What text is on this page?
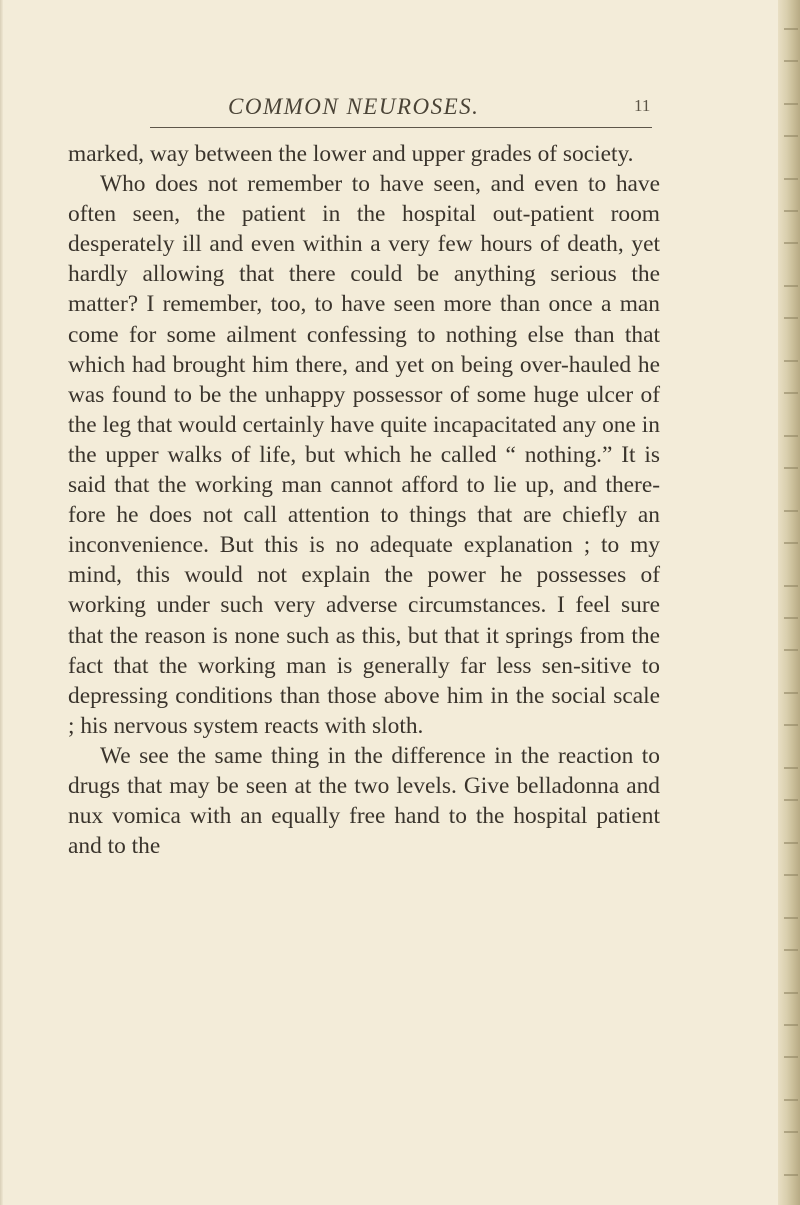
COMMON NEUROSES.	11

marked, way between the lower and upper grades of society.

Who does not remember to have seen, and even to have often seen, the patient in the hospital out-patient room desperately ill and even within a very few hours of death, yet hardly allowing that there could be anything serious the matter? I remember, too, to have seen more than once a man come for some ailment confessing to nothing else than that which had brought him there, and yet on being over-hauled he was found to be the unhappy possessor of some huge ulcer of the leg that would certainly have quite incapacitated any one in the upper walks of life, but which he called “ nothing.” It is said that the working man cannot afford to lie up, and there-fore he does not call attention to things that are chiefly an inconvenience. But this is no adequate explanation ; to my mind, this would not explain the power he possesses of working under such very adverse circumstances. I feel sure that the reason is none such as this, but that it springs from the fact that the working man is generally far less sen-sitive to depressing conditions than those above him in the social scale ; his nervous system reacts with sloth.

We see the same thing in the difference in the reaction to drugs that may be seen at the two levels. Give belladonna and nux vomica with an equally free hand to the hospital patient and to the
